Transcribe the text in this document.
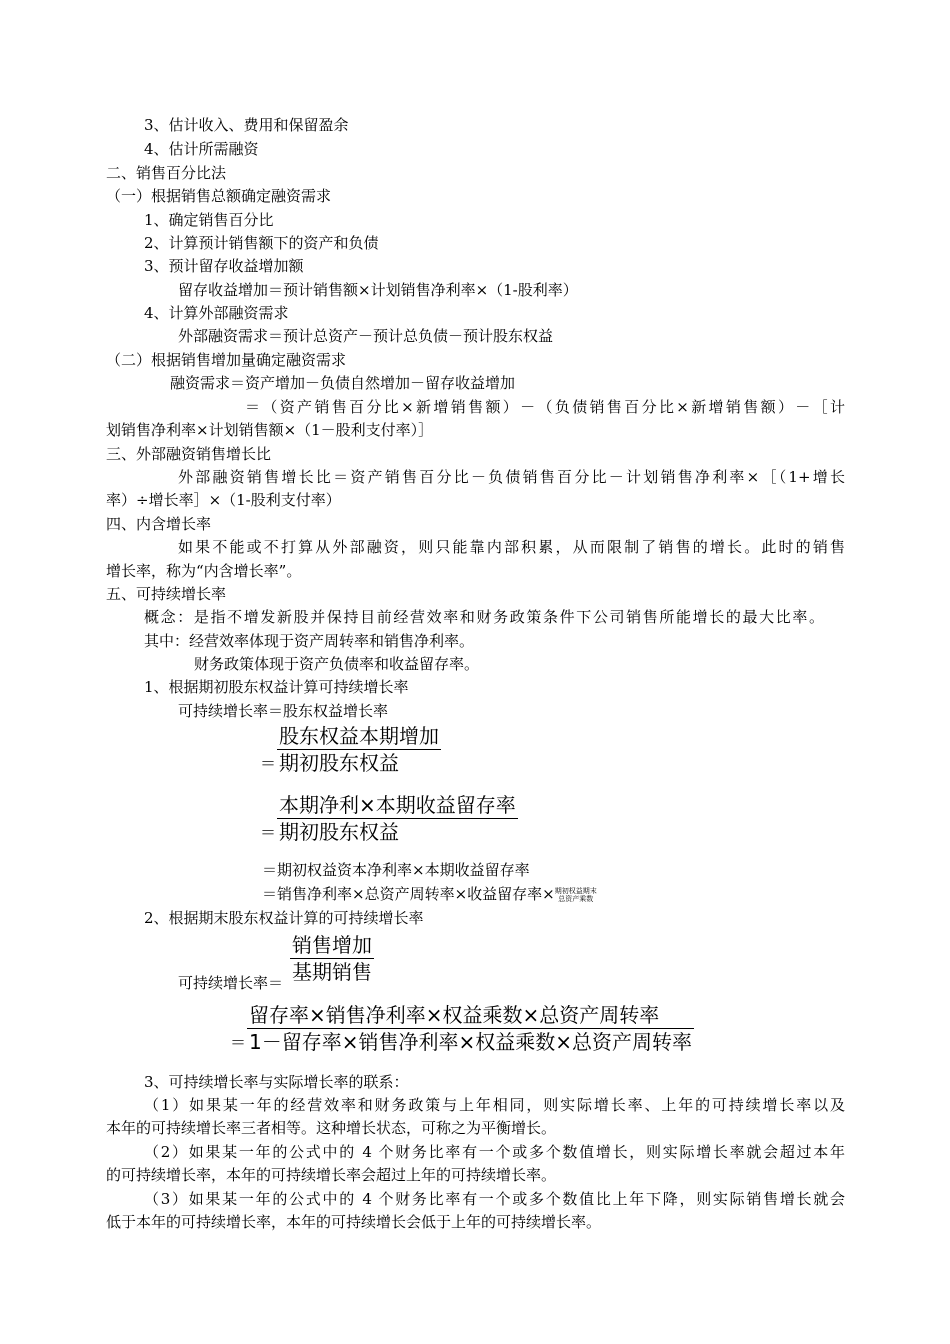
3、估计收入、费用和保留盈余
4、估计所需融资
二、销售百分比法
（一）根据销售总额确定融资需求
1、确定销售百分比
2、计算预计销售额下的资产和负债
3、预计留存收益增加额
留存收益增加＝预计销售额×计划销售净利率×（1-股利率）
4、计算外部融资需求
外部融资需求＝预计总资产－预计总负债－预计股东权益
（二）根据销售增加量确定融资需求
融资需求＝资产增加－负债自然增加－留存收益增加
＝（资产销售百分比×新增销售额）－（负债销售百分比×新增销售额）－［计
划销售净利率×计划销售额×（1－股利支付率）］
三、外部融资销售增长比
外部融资销售增长比＝资产销售百分比－负债销售百分比－计划销售净利率×［（1+增长
率）÷增长率］×（1-股利支付率）
四、内含增长率
如果不能或不打算从外部融资，则只能靠内部积累，从而限制了销售的增长。此时的销售
增长率，称为“内含增长率”。
五、可持续增长率
概念：是指不增发新股并保持目前经营效率和财务政策条件下公司销售所能增长的最大比率。
其中：经营效率体现于资产周转率和销售净利率。
财务政策体现于资产负债率和收益留存率。
1、根据期初股东权益计算可持续增长率
可持续增长率＝股东权益增长率
＝ $\frac{\text{股东权益本期增加}}{\text{期初股东权益}}$
＝ $\frac{\text{本期净利×本期收益留存率}}{\text{期初股东权益}}$
＝期初权益资本净利率×本期收益留存率
＝销售净利率×总资产周转率×收益留存率×期初权益期末
总资产乘数
2、根据期末股东权益计算的可持续增长率
可持续增长率＝ $\frac{\text{销售增加}}{\text{基期销售}}$
＝ $\frac{\text{留存率×销售净利率×权益乘数×总资产周转率}}{\text{1－留存率×销售净利率×权益乘数×总资产周转率}}$
3、可持续增长率与实际增长率的联系：
（1）如果某一年的经营效率和财务政策与上年相同，则实际增长率、上年的可持续增长率以及
本年的可持续增长率三者相等。这种增长状态，可称之为平衡增长。
（2）如果某一年的公式中的 4 个财务比率有一个或多个数值增长，则实际增长率就会超过本年
的可持续增长率，本年的可持续增长率会超过上年的可持续增长率。
（3）如果某一年的公式中的 4 个财务比率有一个或多个数值比上年下降，则实际销售增长就会
低于本年的可持续增长率，本年的可持续增长会低于上年的可持续增长率。
